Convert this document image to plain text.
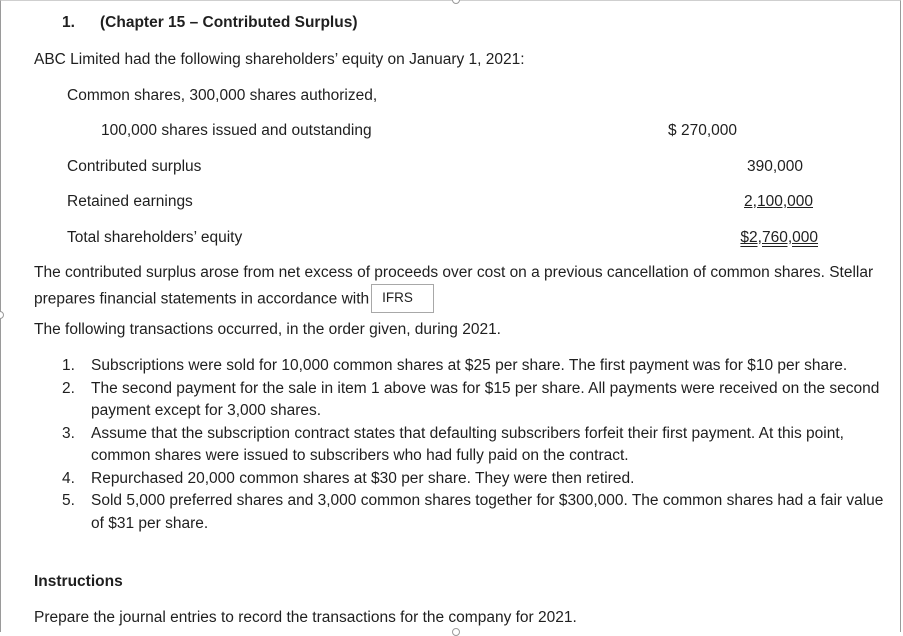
1. (Chapter 15 – Contributed Surplus)
ABC Limited had the following shareholders’ equity on January 1, 2021:
Common shares, 300,000 shares authorized,
100,000 shares issued and outstanding	$ 270,000
Contributed surplus	390,000
Retained earnings	2,100,000
Total shareholders’ equity	$2,760,000
The contributed surplus arose from net excess of proceeds over cost on a previous cancellation of common shares. Stellar prepares financial statements in accordance with IFRS
The following transactions occurred, in the order given, during 2021.
1. Subscriptions were sold for 10,000 common shares at $25 per share. The first payment was for $10 per share.
2. The second payment for the sale in item 1 above was for $15 per share. All payments were received on the second payment except for 3,000 shares.
3. Assume that the subscription contract states that defaulting subscribers forfeit their first payment. At this point, common shares were issued to subscribers who had fully paid on the contract.
4. Repurchased 20,000 common shares at $30 per share. They were then retired.
5. Sold 5,000 preferred shares and 3,000 common shares together for $300,000. The common shares had a fair value of $31 per share.
Instructions
Prepare the journal entries to record the transactions for the company for 2021.
